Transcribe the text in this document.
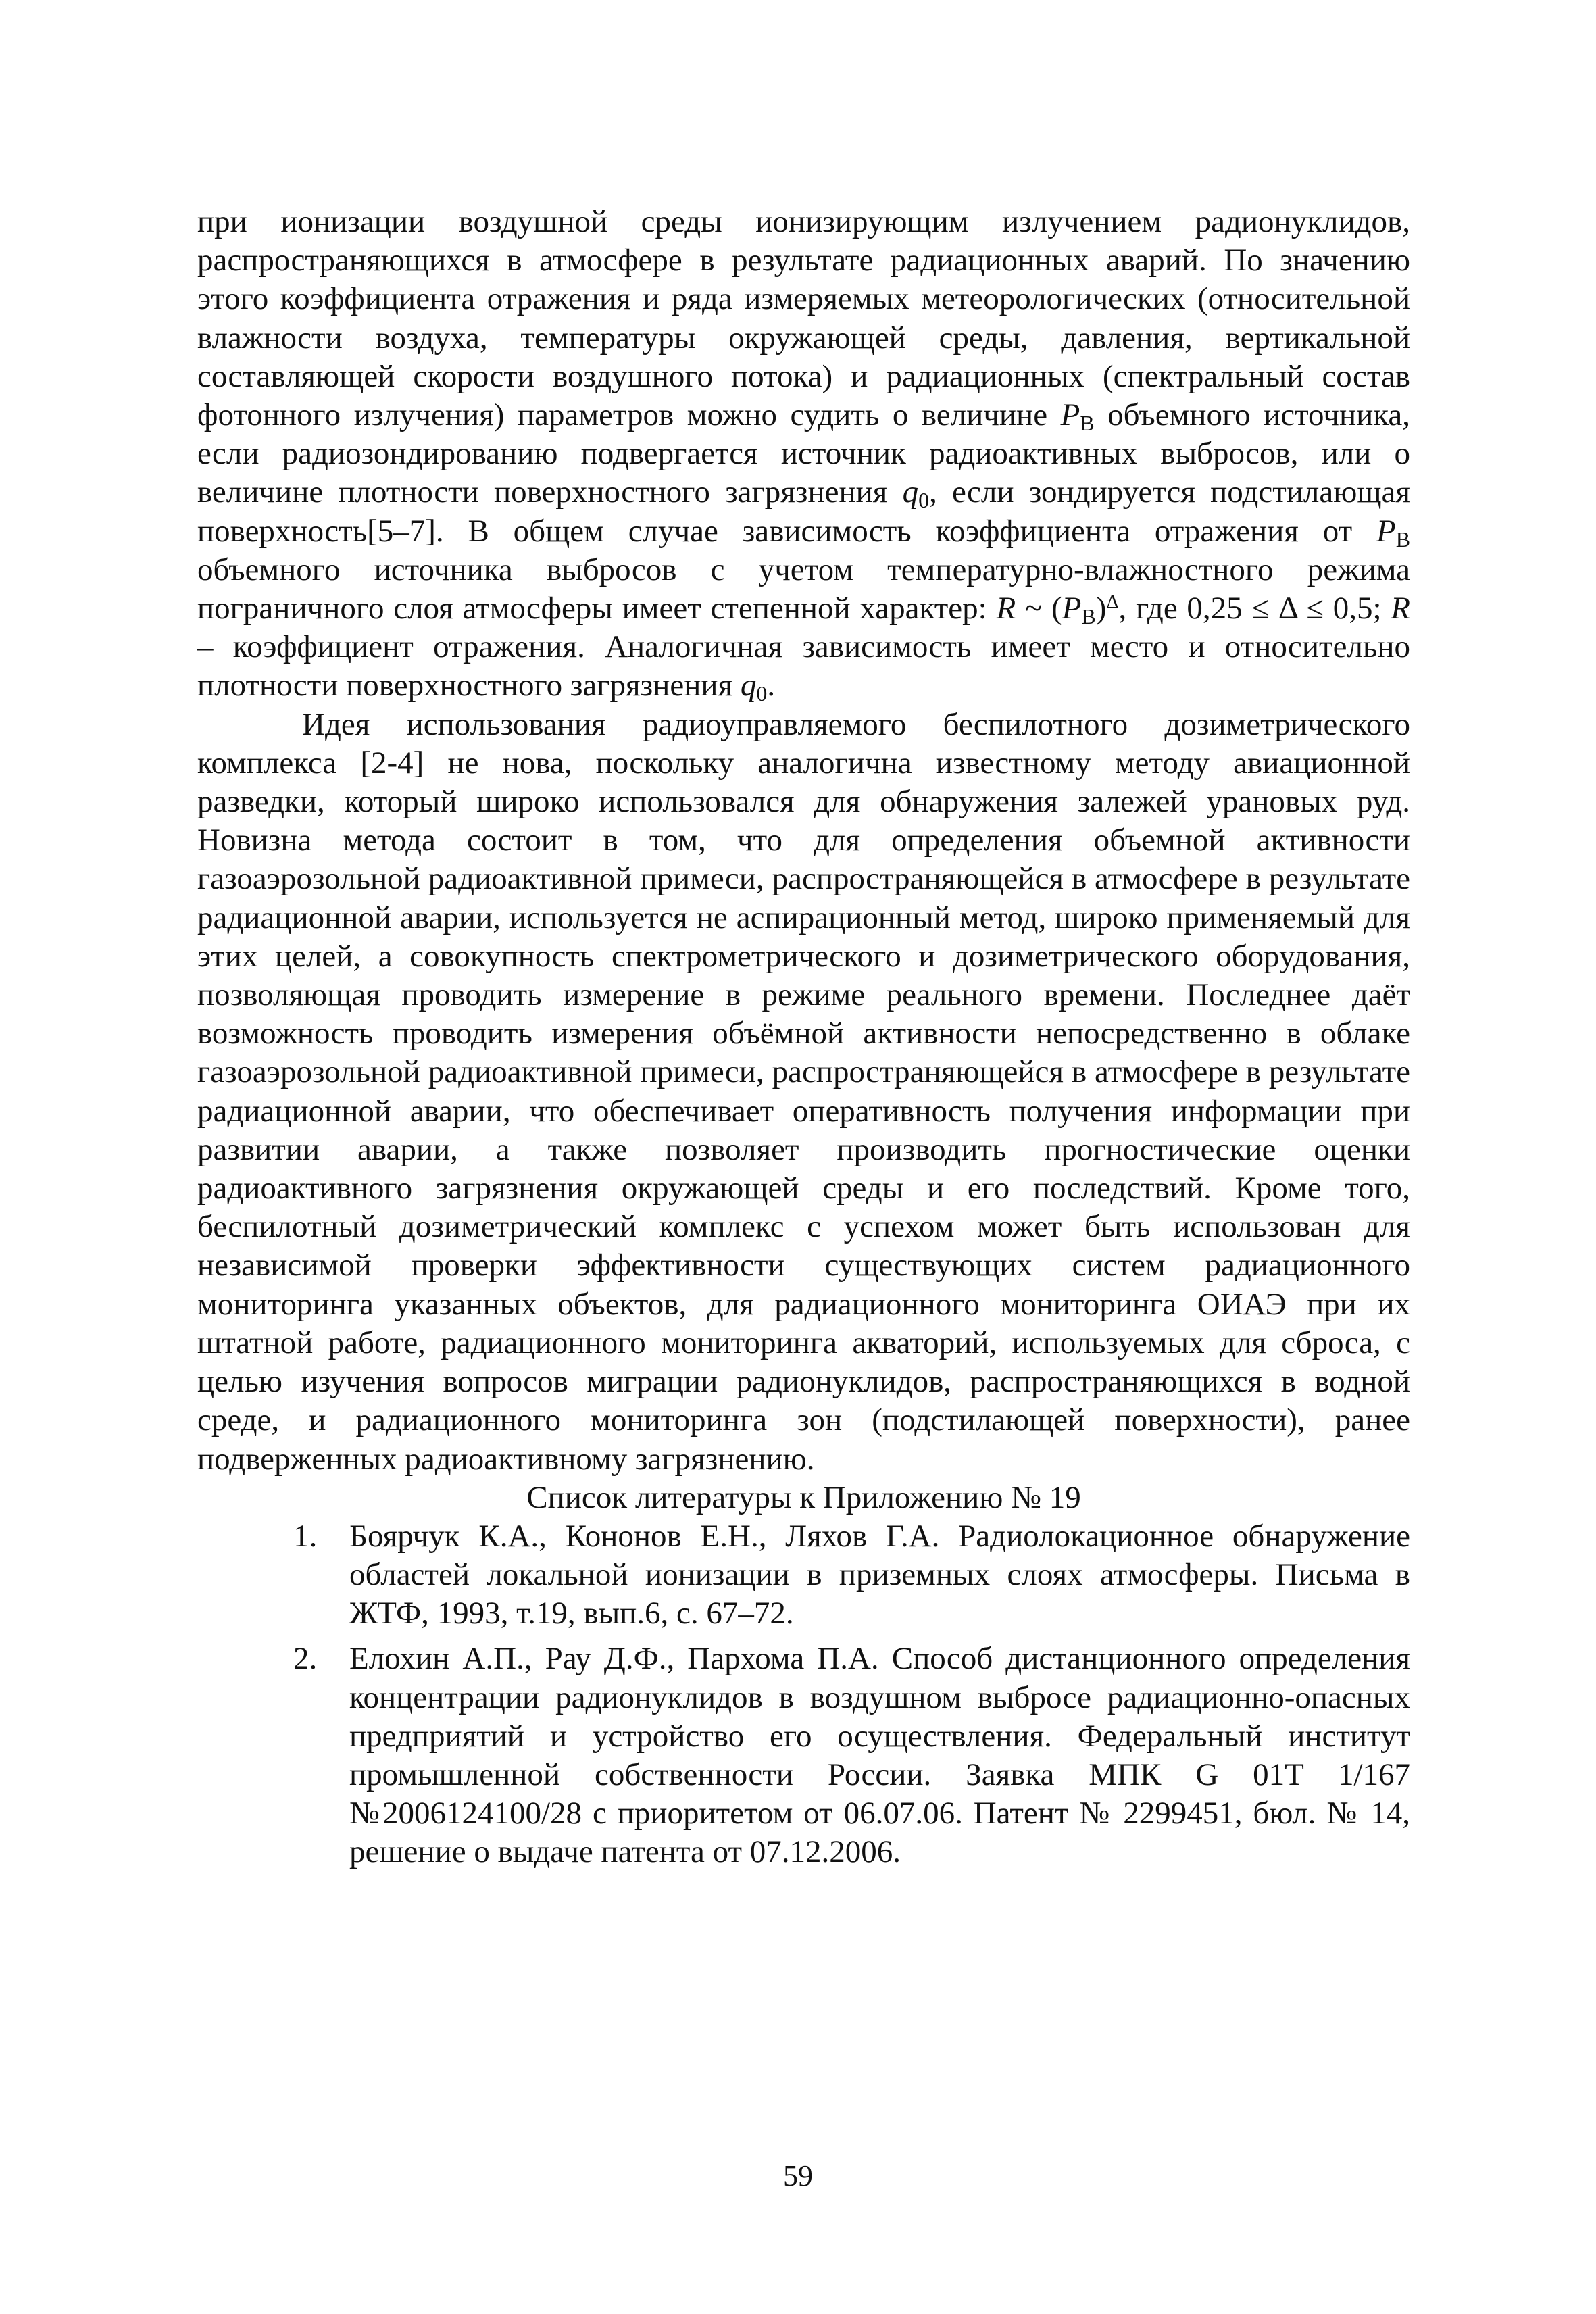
при ионизации воздушной среды ионизирующим излучением радионуклидов, распространяющихся в атмосфере в результате радиационных аварий. По значению этого коэффициента отражения и ряда измеряемых метеорологических (относительной влажности воздуха, температуры окружающей среды, давления, вертикальной составляющей скорости воздушного потока) и радиационных (спектральный состав фотонного излучения) параметров можно судить о величине $P_В$ объемного источника, если радиозондированию подвергается источник радиоактивных выбросов, или о величине плотности поверхностного загрязнения $q_0$, если зондируется подстилающая поверхность[5–7]. В общем случае зависимость коэффициента отражения от $P_В$ объемного источника выбросов с учетом температурно-влажностного режима пограничного слоя атмосферы имеет степенной характер: R ~ $(P_В)^\Delta$, где 0,25 ≤ Δ ≤ 0,5; R – коэффициент отражения. Аналогичная зависимость имеет место и относительно плотности поверхностного загрязнения $q_0$.

Идея использования радиоуправляемого беспилотного дозиметрического комплекса [2-4] не нова, поскольку аналогична известному методу авиационной разведки, который широко использовался для обнаружения залежей урановых руд. Новизна метода состоит в том, что для определения объемной активности газоаэрозольной радиоактивной примеси, распространяющейся в атмосфере в результате радиационной аварии, используется не аспирационный метод, широко применяемый для этих целей, а совокупность спектрометрического и дозиметрического оборудования, позволяющая проводить измерение в режиме реального времени. Последнее даёт возможность проводить измерения объёмной активности непосредственно в облаке газоаэрозольной радиоактивной примеси, распространяющейся в атмосфере в результате радиационной аварии, что обеспечивает оперативность получения информации при развитии аварии, а также позволяет производить прогностические оценки радиоактивного загрязнения окружающей среды и его последствий. Кроме того, беспилотный дозиметрический комплекс с успехом может быть использован для независимой проверки эффективности существующих систем радиационного мониторинга указанных объектов, для радиационного мониторинга ОИАЭ при их штатной работе, радиационного мониторинга акваторий, используемых для сброса, с целью изучения вопросов миграции радионуклидов, распространяющихся в водной среде, и радиационного мониторинга зон (подстилающей поверхности), ранее подверженных радиоактивному загрязнению.

Список литературы к Приложению № 19

1. Боярчук К.А., Кононов Е.Н., Ляхов Г.А. Радиолокационное обнаружение областей локальной ионизации в приземных слоях атмосферы. Письма в ЖТФ, 1993, т.19, вып.6, с. 67–72.
2. Елохин А.П., Рау Д.Ф., Пархома П.А. Способ дистанционного определения концентрации радионуклидов в воздушном выбросе радиационно-опасных предприятий и устройство его осуществления. Федеральный институт промышленной собственности России. Заявка МПК G 01T 1/167 №2006124100/28 с приоритетом от 06.07.06. Патент № 2299451, бюл. № 14, решение о выдаче патента от 07.12.2006.
59
